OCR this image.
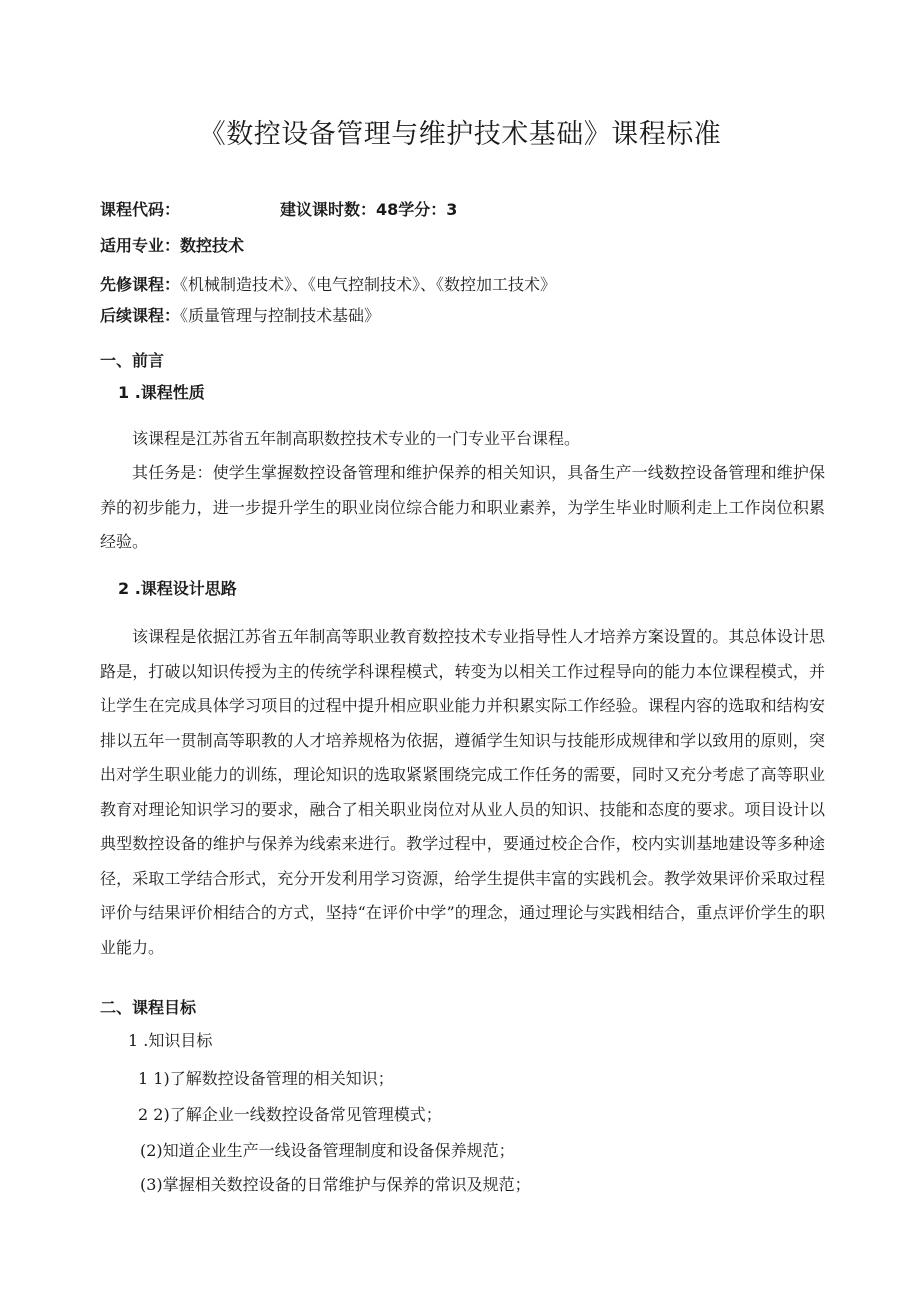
《数控设备管理与维护技术基础》课程标准
课程代码：	建议课时数：48学分：3
适用专业：数控技术
先修课程：《机械制造技术》、《电气控制技术》、《数控加工技术》
后续课程：《质量管理与控制技术基础》
一、前言
1 .课程性质
该课程是江苏省五年制高职数控技术专业的一门专业平台课程。
其任务是：使学生掌握数控设备管理和维护保养的相关知识，具备生产一线数控设备管理和维护保养的初步能力，进一步提升学生的职业岗位综合能力和职业素养，为学生毕业时顺利走上工作岗位积累经验。
2 .课程设计思路
该课程是依据江苏省五年制高等职业教育数控技术专业指导性人才培养方案设置的。其总体设计思路是，打破以知识传授为主的传统学科课程模式，转变为以相关工作过程导向的能力本位课程模式，并让学生在完成具体学习项目的过程中提升相应职业能力并积累实际工作经验。课程内容的选取和结构安排以五年一贯制高等职教的人才培养规格为依据，遵循学生知识与技能形成规律和学以致用的原则，突出对学生职业能力的训练，理论知识的选取紧紧围绕完成工作任务的需要，同时又充分考虑了高等职业教育对理论知识学习的要求，融合了相关职业岗位对从业人员的知识、技能和态度的要求。项目设计以典型数控设备的维护与保养为线索来进行。教学过程中，要通过校企合作，校内实训基地建设等多种途径，采取工学结合形式，充分开发利用学习资源，给学生提供丰富的实践机会。教学效果评价采取过程评价与结果评价相结合的方式，坚持“在评价中学”的理念，通过理论与实践相结合，重点评价学生的职业能力。
二、课程目标
1 .知识目标
1 1)了解数控设备管理的相关知识；
2 2)了解企业一线数控设备常见管理模式；
(2)知道企业生产一线设备管理制度和设备保养规范；
(3)掌握相关数控设备的日常维护与保养的常识及规范；
